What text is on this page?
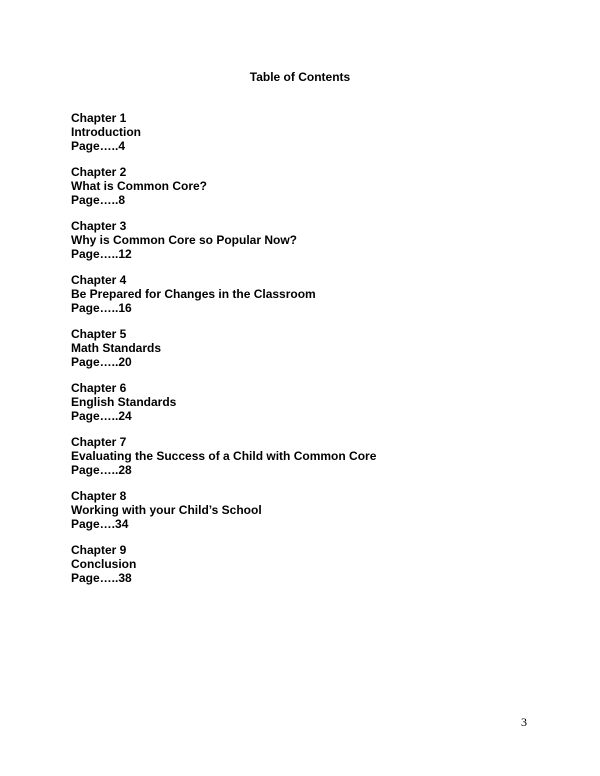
Table of Contents
Chapter 1
Introduction
Page…..4
Chapter 2
What is Common Core?
Page…..8
Chapter 3
Why is Common Core so Popular Now?
Page…..12
Chapter 4
Be Prepared for Changes in the Classroom
Page…..16
Chapter 5
Math Standards
Page…..20
Chapter 6
English Standards
Page…..24
Chapter 7
Evaluating the Success of a Child with Common Core
Page…..28
Chapter 8
Working with your Child’s School
Page….34
Chapter 9
Conclusion
Page…..38
3
